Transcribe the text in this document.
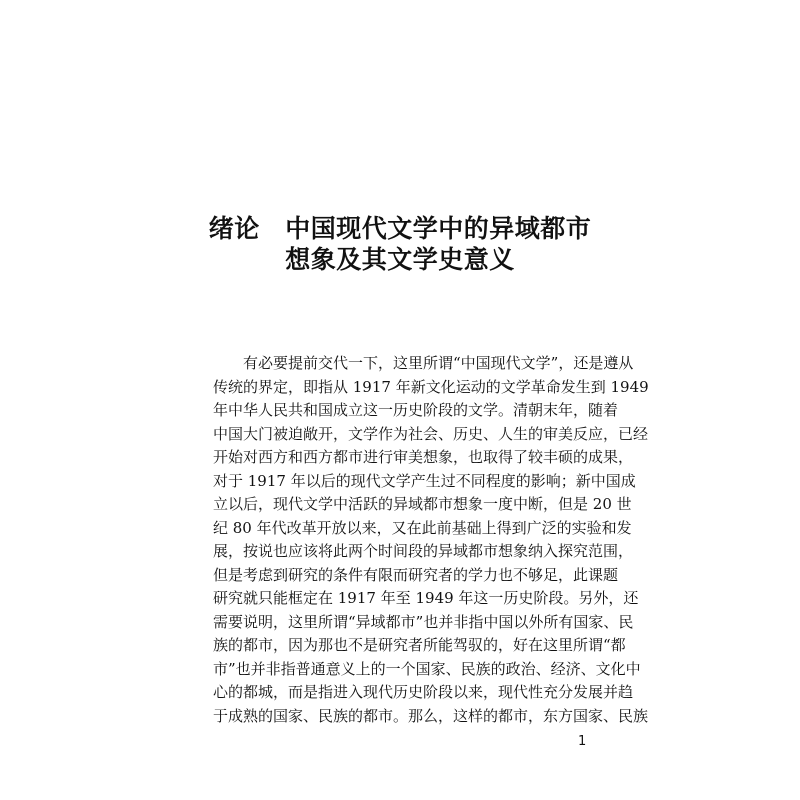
绪论　中国现代文学中的异域都市
想象及其文学史意义
有必要提前交代一下，这里所谓“中国现代文学”，还是遵从
传统的界定，即指从 1917 年新文化运动的文学革命发生到 1949
年中华人民共和国成立这一历史阶段的文学。清朝末年，随着
中国大门被迫敞开，文学作为社会、历史、人生的审美反应，已经
开始对西方和西方都市进行审美想象，也取得了较丰硕的成果，
对于 1917 年以后的现代文学产生过不同程度的影响；新中国成
立以后，现代文学中活跃的异域都市想象一度中断，但是 20 世
纪 80 年代改革开放以来，又在此前基础上得到广泛的实验和发
展，按说也应该将此两个时间段的异域都市想象纳入探究范围，
但是考虑到研究的条件有限而研究者的学力也不够足，此课题
研究就只能框定在 1917 年至 1949 年这一历史阶段。另外，还
需要说明，这里所谓“异域都市”也并非指中国以外所有国家、民
族的都市，因为那也不是研究者所能驾驭的，好在这里所谓“都
市”也并非指普通意义上的一个国家、民族的政治、经济、文化中
心的都城，而是指进入现代历史阶段以来，现代性充分发展并趋
于成熟的国家、民族的都市。那么，这样的都市，东方国家、民族
1
